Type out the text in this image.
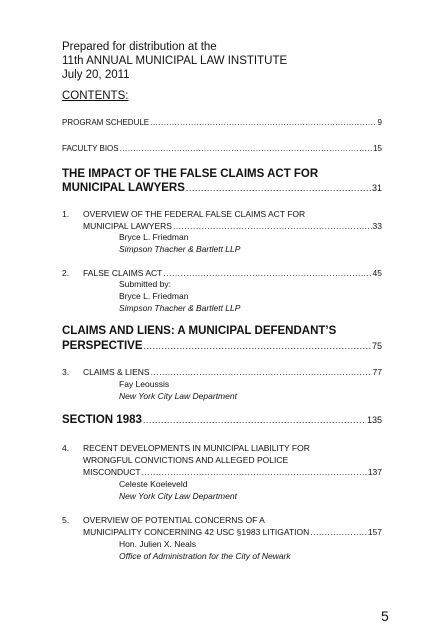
Prepared for distribution at the
11th ANNUAL MUNICIPAL LAW INSTITUTE
July 20, 2011
CONTENTS:
PROGRAM SCHEDULE .....	9
FACULTY BIOS .....	15
THE IMPACT OF THE FALSE CLAIMS ACT FOR
MUNICIPAL LAWYERS .....	31
1. OVERVIEW OF THE FEDERAL FALSE CLAIMS ACT FOR
MUNICIPAL LAWYERS .....	33
Bryce L. Friedman
Simpson Thacher & Bartlett LLP
2. FALSE CLAIMS ACT .....	45
Submitted by:
Bryce L. Friedman
Simpson Thacher & Bartlett LLP
CLAIMS AND LIENS: A MUNICIPAL DEFENDANT’S
PERSPECTIVE .....	75
3. CLAIMS & LIENS .....	77
Fay Leoussis
New York City Law Department
SECTION 1983 .....	135
4. RECENT DEVELOPMENTS IN MUNICIPAL LIABILITY FOR
WRONGFUL CONVICTIONS AND ALLEGED POLICE
MISCONDUCT .....	137
Celeste Koeleveld
New York City Law Department
5. OVERVIEW OF POTENTIAL CONCERNS OF A
MUNICIPALITY CONCERNING 42 USC §1983 LITIGATION .....	157
Hon. Julien X. Neals
Office of Administration for the City of Newark
5
